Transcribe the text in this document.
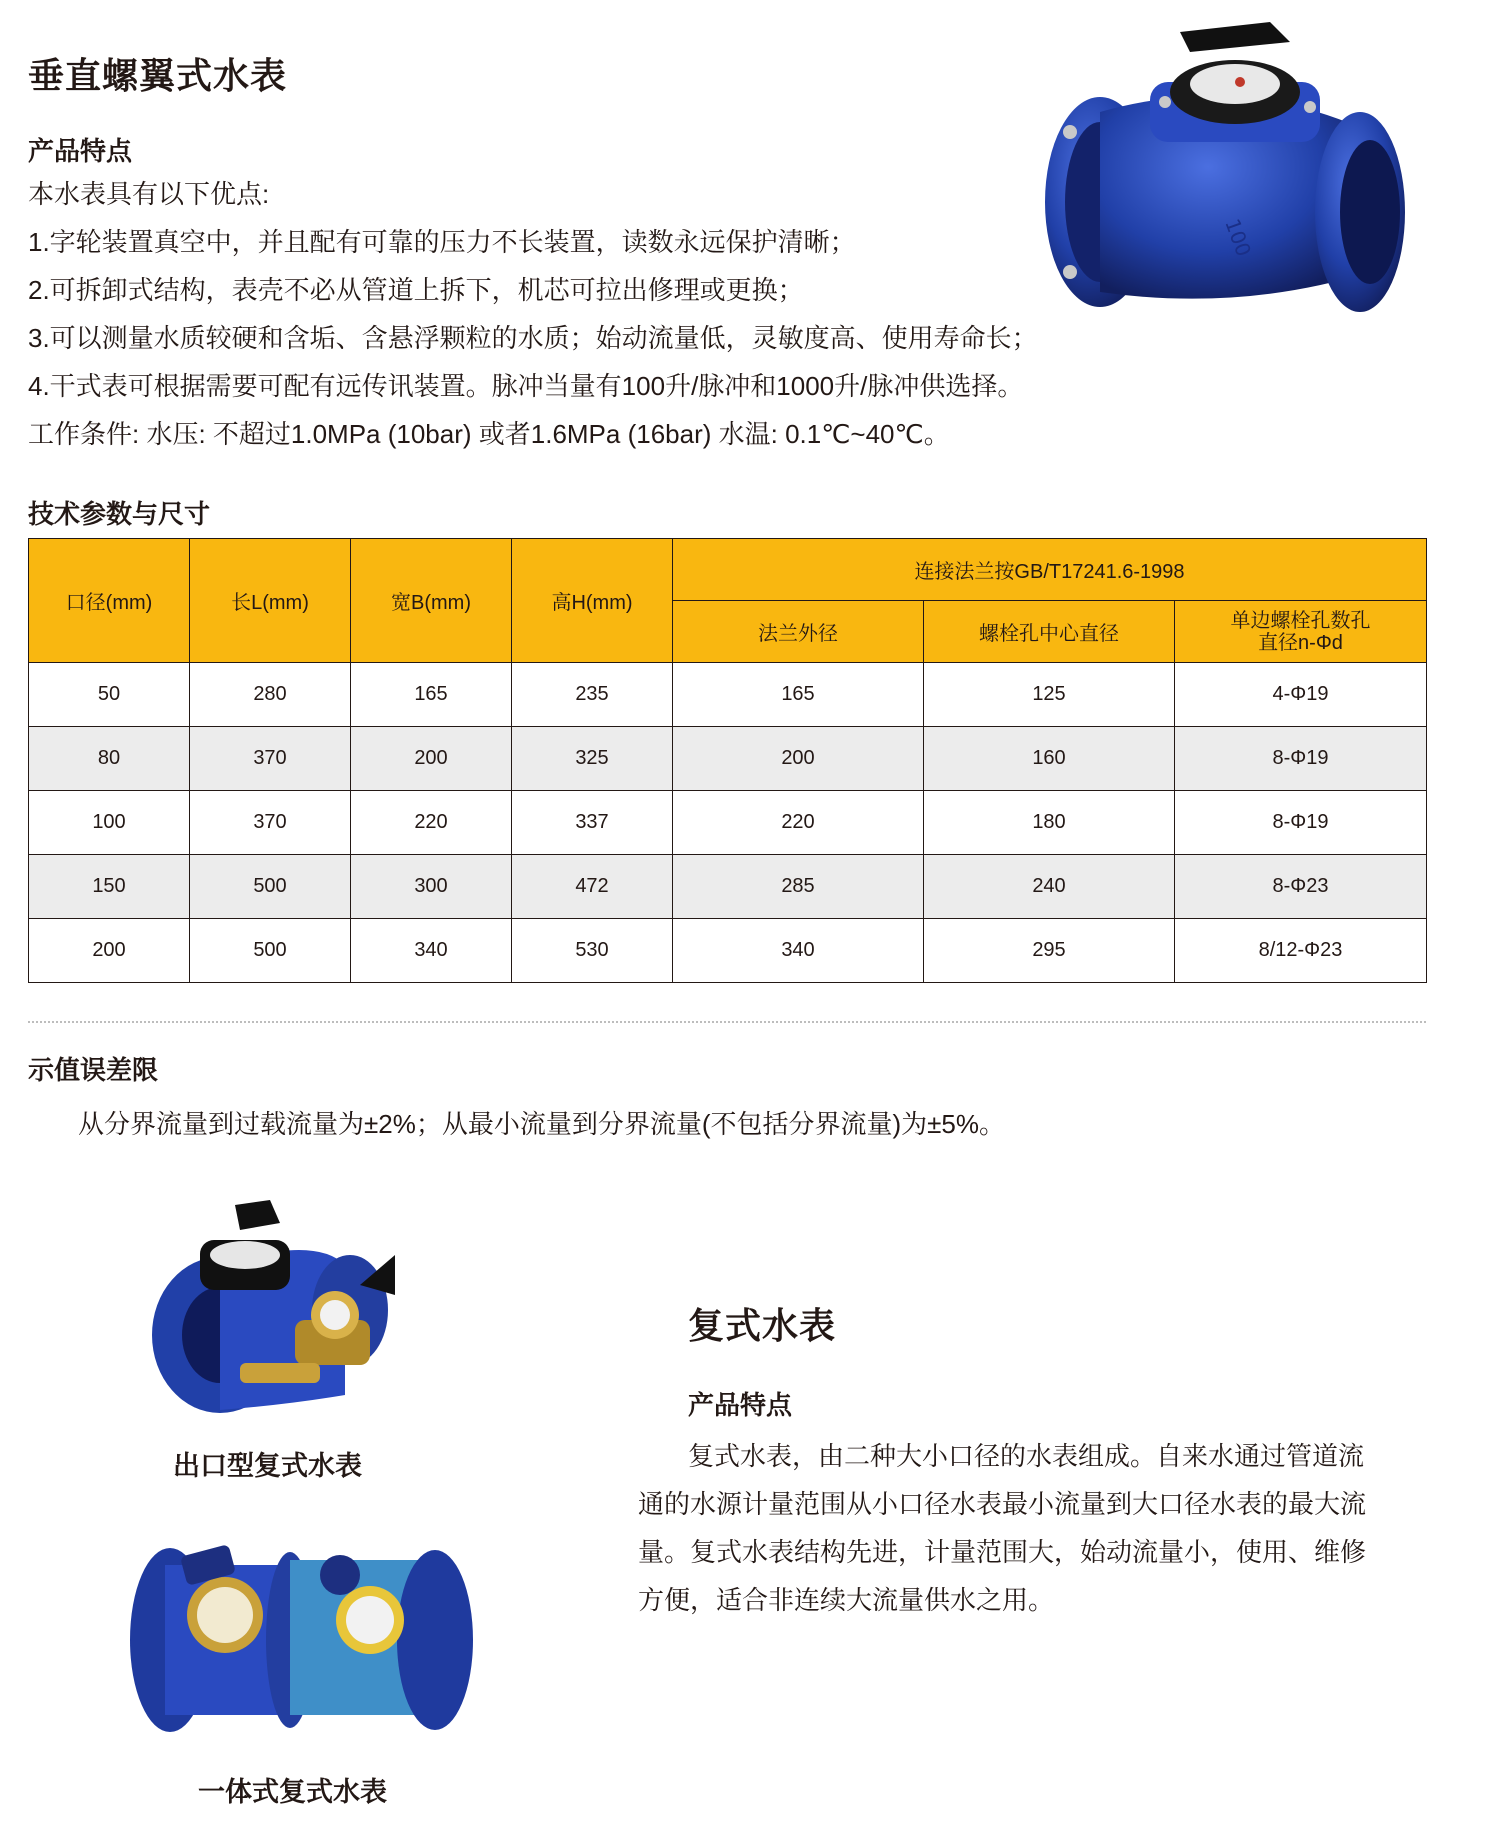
垂直螺翼式水表
产品特点
本水表具有以下优点:
1.字轮装置真空中，并且配有可靠的压力不长装置，读数永远保护清晰；
2.可拆卸式结构，表壳不必从管道上拆下，机芯可拉出修理或更换；
3.可以测量水质较硬和含垢、含悬浮颗粒的水质；始动流量低，灵敏度高、使用寿命长；
4.干式表可根据需要可配有远传讯装置。脉冲当量有100升/脉冲和1000升/脉冲供选择。
工作条件: 水压: 不超过1.0MPa (10bar) 或者1.6MPa (16bar) 水温: 0.1℃~40℃。
100
技术参数与尺寸
口径(mm)	长L(mm)	宽B(mm)	高H(mm)	连接法兰按GB/T17241.6-1998		
				法兰外径	螺栓孔中心直径	单边螺栓孔数孔直径n-Φd

50	280	165	235	165	125	4-Φ19
80	370	200	325	200	160	8-Φ19
100	370	220	337	220	180	8-Φ19
150	500	300	472	285	240	8-Φ23
200	500	340	530	340	295	8/12-Φ23
示值误差限
从分界流量到过载流量为±2%；从最小流量到分界流量(不包括分界流量)为±5%。
出口型复式水表
一体式复式水表
复式水表
产品特点
复式水表，由二种大小口径的水表组成。自来水通过管道流
通的水源计量范围从小口径水表最小流量到大口径水表的最大流
量。复式水表结构先进，计量范围大，始动流量小，使用、维修
方便，适合非连续大流量供水之用。
